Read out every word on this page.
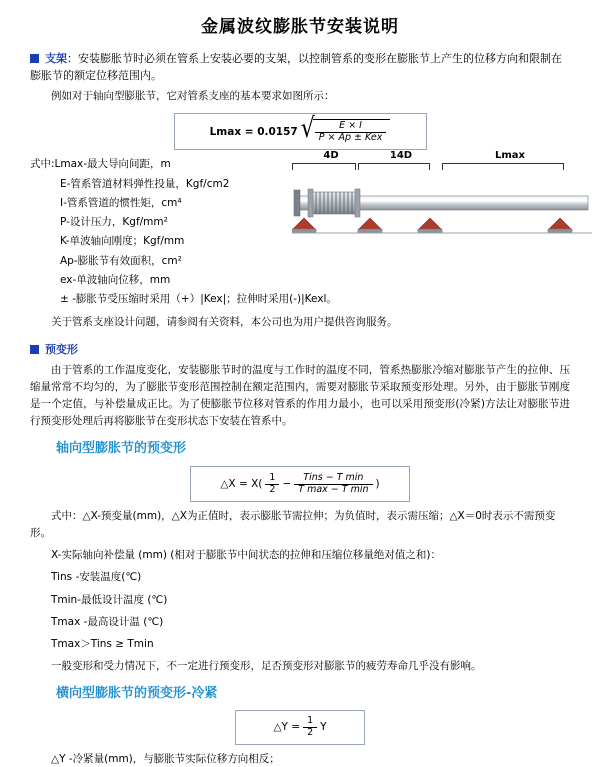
金属波纹膨胀节安装说明
支架：安装膨胀节时必须在管系上安装必要的支架，以控制管系的变形在膨胀节上产生的位移方向和限制在膨胀节的额定位移范围内。
例如对于轴向型膨胀节，它对管系支座的基本要求如图所示：
Lmax = 0.0157 √ $\frac{E \times I}{\text{P × Ap ± Kex}}$
4D	14D	Lmax
式中:Lmax-最大导向间距，m
E-管系管道材料弹性投量，Kgf/cm2
I-管系管道的惯性矩，cm⁴
P-设计压力，Kgf/mm²
K-单波轴向刚度；Kgf/mm
Ap-膨胀节有效面积，cm²
ex-单波轴向位移，mm
± -膨胀节受压缩时采用（+）|Kex|；拉伸时采用(-)|Kexl。
关于管系支座设计问题，请参阅有关资料，本公司也为用户提供咨询服务。
预变形
由于管系的工作温度变化，安装膨胀节时的温度与工作时的温度不同，管系热膨胀冷缩对膨胀节产生的拉伸、压缩量常常不均匀的，为了膨胀节变形范围控制在额定范围内，需要对膨胀节采取预变形处理。另外，由于膨胀节刚度是一个定值，与补偿量成正比。为了使膨胀节位移对管系的作用力最小，也可以采用预变形(冷紧)方法让对膨胀节进行预变形处理后再将膨胀节在变形状态下安装在管系中。
轴向型膨胀节的预变形
△X = $X( \frac{1}{2} - \frac{\text{Tins − T min}}{\text{T max − T min}}$ )
式中：△X-预变量(mm)，△X为正值时，表示膨胀节需拉伸；为负值时，表示需压缩；△X＝0时表示不需预变形。
X-实际轴向补偿量 (mm) (相对于膨胀节中间状态的拉伸和压缩位移量绝对值之和)：
Tins -安装温度(℃)
Tmin-最低设计温度 (℃)
Tmax -最高设计温 (℃)
Tmax＞Tins ≥ Tmin
一般变形和受力情况下，不一定进行预变形，足否预变形对膨胀节的疲劳寿命几乎没有影响。
横向型膨胀节的预变形-冷紧
△Y = $\frac{1}{2}$ Y
△Y -冷紧量(mm)，与膨胀节实际位移方向相反；
